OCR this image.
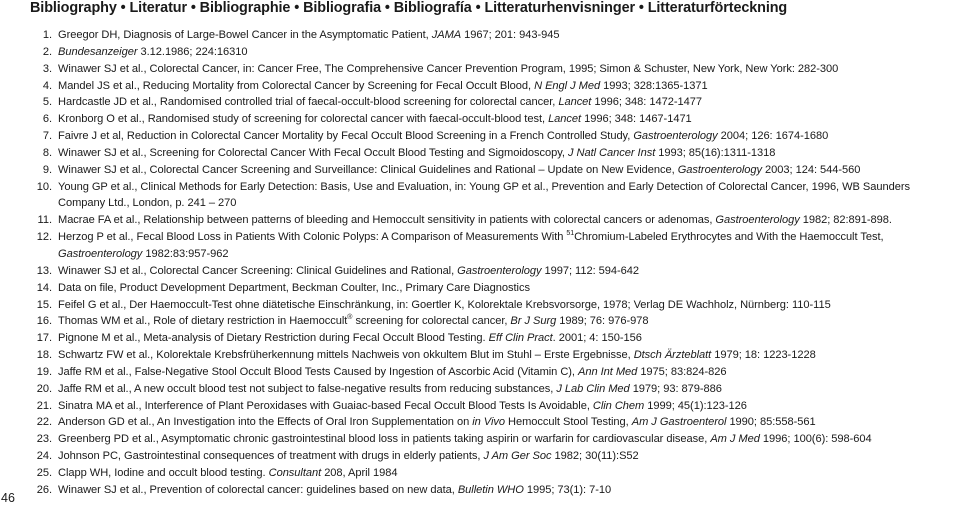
Bibliography • Literatur • Bibliographie • Bibliografia • Bibliografía • Litteraturhenvisninger • Litteraturförteckning
1. Greegor DH, Diagnosis of Large-Bowel Cancer in the Asymptomatic Patient, JAMA 1967; 201: 943-945
2. Bundesanzeiger 3.12.1986; 224:16310
3. Winawer SJ et al., Colorectal Cancer, in: Cancer Free, The Comprehensive Cancer Prevention Program, 1995; Simon & Schuster, New York, New York: 282-300
4. Mandel JS et al., Reducing Mortality from Colorectal Cancer by Screening for Fecal Occult Blood, N Engl J Med 1993; 328:1365-1371
5. Hardcastle JD et al., Randomised controlled trial of faecal-occult-blood screening for colorectal cancer, Lancet 1996; 348: 1472-1477
6. Kronborg O et al., Randomised study of screening for colorectal cancer with faecal-occult-blood test, Lancet 1996; 348: 1467-1471
7. Faivre J et al, Reduction in Colorectal Cancer Mortality by Fecal Occult Blood Screening in a French Controlled Study, Gastroenterology 2004; 126: 1674-1680
8. Winawer SJ et al., Screening for Colorectal Cancer With Fecal Occult Blood Testing and Sigmoidoscopy, J Natl Cancer Inst 1993; 85(16):1311-1318
9. Winawer SJ et al., Colorectal Cancer Screening and Surveillance: Clinical Guidelines and Rational – Update on New Evidence, Gastroenterology 2003; 124: 544-560
10. Young GP et al., Clinical Methods for Early Detection: Basis, Use and Evaluation, in: Young GP et al., Prevention and Early Detection of Colorectal Cancer, 1996, WB Saunders Company Ltd., London, p. 241 – 270
11. Macrae FA et al., Relationship between patterns of bleeding and Hemoccult sensitivity in patients with colorectal cancers or adenomas, Gastroenterology 1982; 82:891-898.
12. Herzog P et al., Fecal Blood Loss in Patients With Colonic Polyps: A Comparison of Measurements With $^{51}$Chromium-Labeled Erythrocytes and With the Haemoccult Test, Gastroenterology 1982:83:957-962
13. Winawer SJ et al., Colorectal Cancer Screening: Clinical Guidelines and Rational, Gastroenterology 1997; 112: 594-642
14. Data on file, Product Development Department, Beckman Coulter, Inc., Primary Care Diagnostics
15. Feifel G et al., Der Haemoccult-Test ohne diätetische Einschränkung, in: Goertler K, Kolorektale Krebsvorsorge, 1978; Verlag DE Wachholz, Nürnberg: 110-115
16. Thomas WM et al., Role of dietary restriction in Haemoccult® screening for colorectal cancer, Br J Surg 1989; 76: 976-978
17. Pignone M et al., Meta-analysis of Dietary Restriction during Fecal Occult Blood Testing. Eff Clin Pract. 2001; 4: 150-156
18. Schwartz FW et al., Kolorektale Krebsfrüherkennung mittels Nachweis von okkultem Blut im Stuhl – Erste Ergebnisse, Dtsch Ärzteblatt 1979; 18: 1223-1228
19. Jaffe RM et al., False-Negative Stool Occult Blood Tests Caused by Ingestion of Ascorbic Acid (Vitamin C), Ann Int Med 1975; 83:824-826
20. Jaffe RM et al., A new occult blood test not subject to false-negative results from reducing substances, J Lab Clin Med 1979; 93: 879-886
21. Sinatra MA et al., Interference of Plant Peroxidases with Guaiac-based Fecal Occult Blood Tests Is Avoidable, Clin Chem 1999; 45(1):123-126
22. Anderson GD et al., An Investigation into the Effects of Oral Iron Supplementation on in Vivo Hemoccult Stool Testing, Am J Gastroenterol 1990; 85:558-561
23. Greenberg PD et al., Asymptomatic chronic gastrointestinal blood loss in patients taking aspirin or warfarin for cardiovascular disease, Am J Med 1996; 100(6): 598-604
24. Johnson PC, Gastrointestinal consequences of treatment with drugs in elderly patients, J Am Ger Soc 1982; 30(11):S52
25. Clapp WH, Iodine and occult blood testing. Consultant 208, April 1984
26. Winawer SJ et al., Prevention of colorectal cancer: guidelines based on new data, Bulletin WHO 1995; 73(1): 7-10
46
